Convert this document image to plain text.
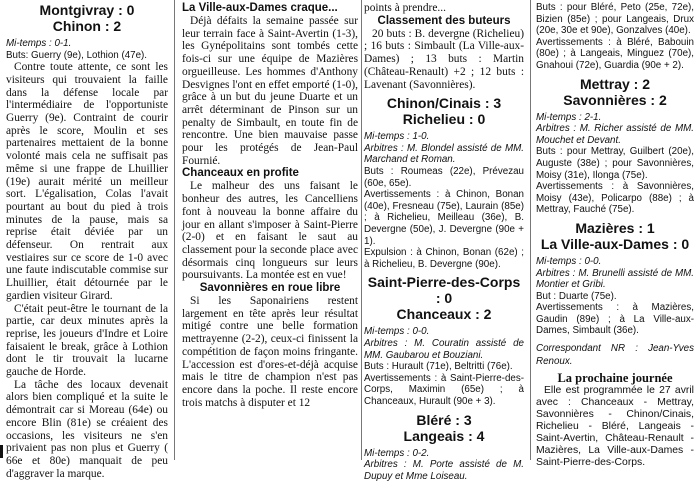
Montgivray : 0
Chinon : 2

Mi-temps : 0-1.

Buts: Guerry (9e), Lothion (47e).

Contre toute attente, ce sont les visiteurs qui trouvaient la faille dans la défense locale par l'intermédiaire de l'opportuniste Guerry (9e). Contraint de courir après le score, Moulin et ses partenaires mettaient de la bonne volonté mais cela ne suffisait pas même si une frappe de Lhuillier (19e) aurait mérité un meilleur sort. L'égalisation, Colas l'avait pourtant au bout du pied à trois minutes de la pause, mais sa reprise était déviée par un défenseur. On rentrait aux vestiaires sur ce score de 1-0 avec une faute indiscutable commise sur Lhuillier, était détournée par le gardien visiteur Girard.

C'était peut-être le tournant de la partie, car deux minutes après la reprise, les joueurs d'Indre et Loire faisaient le break, grâce à Lothion dont le tir trouvait la lucarne gauche de Horde.

La tâche des locaux devenait alors bien compliqué et la suite le démontrait car si Moreau (64e) ou encore Blin (81e) se créaient des occasions, les visiteurs ne s'en privaient pas non plus et Guerry ( 66e et 80e) manquait de peu d'aggraver la marque.

La Ville-aux-Dames craque...

Déjà défaits la semaine passée sur leur terrain face à Saint-Avertin (1-3), les Gynépolitains sont tombés cette fois-ci sur une équipe de Mazières orgueilleuse. Les hommes d'Anthony Desvignes l'ont en effet emporté (1-0), grâce à un but du jeune Duarte et un arrêt déterminant de Pinson sur un penalty de Simbault, en toute fin de rencontre. Une bien mauvaise passe pour les protégés de Jean-Paul Fournié.

Chanceaux en profite

Le malheur des uns faisant le bonheur des autres, les Cancelliens font à nouveau la bonne affaire du jour en allant s'imposer à Saint-Pierre (2-0) et en faisant le saut au classement pour la seconde place avec désormais cinq longueurs sur leurs poursuivants. La montée est en vue!

Savonnières en roue libre

Si les Saponairiens restent largement en tête après leur résultat mitigé contre une belle formation mettrayenne (2-2), ceux-ci finissent la compétition de façon moins fringante. L'accession est d'ores-et-déjà acquise mais le titre de champion n'est pas encore dans la poche. Il reste encore trois matchs à disputer et 12

points à prendre...

Classement des buteurs

20 buts : B. devergne (Richelieu) ; 16 buts : Simbault (La Ville-aux-Dames) ; 13 buts : Martin (Château-Renault) +2 ; 12 buts : Lavenant (Savonnières).

Chinon/Cinais : 3
Richelieu : 0

Mi-temps : 1-0.

Arbitres : M. Blondel assisté de MM. Marchand et Roman.

Buts : Roumeas (22e), Prévezau (60e, 65e).

Avertissements : à Chinon, Bonan (40e), Fresneau (75e), Laurain (85e) ; à Richelieu, Meilleau (36e), B. Devergne (50e), J. Devergne (90e + 1).

Expulsion : à Chinon, Bonan (62e) ; à Richelieu, B. Devergne (90e).

Saint-Pierre-des-Corps : 0
Chanceaux : 2

Mi-temps : 0-0.

Arbitres : M. Couratin assisté de MM. Gaubarou et Bouziani.

Buts : Hurault (71e), Beltritti (76e).

Avertissements : à Saint-Pierre-des-Corps, Maximin (65e) ; à Chanceaux, Hurault (90e + 3).

Bléré : 3
Langeais : 4

Mi-temps : 0-2.

Arbitres : M. Porte assisté de M. Dupuy et Mme Loiseau.

Buts : pour Bléré, Peto (25e, 72e), Bizien (85e) ; pour Langeais, Drux (20e, 30e et 90e), Gonzalves (40e).

Avertissements : à Bléré, Babouin (80e) ; à Langeais, Minguez (70e), Gnahoui (72e), Guardia (90e + 2).

Mettray : 2
Savonnières : 2

Mi-temps : 2-1.

Arbitres : M. Richer assisté de MM. Mouchet et Devant.

Buts : pour Mettray, Guilbert (20e), Auguste (38e) ; pour Savonnières, Moisy (31e), Ilonga (75e).

Avertissements : à Savonnières, Moisy (43e), Policarpo (88e) ; à Mettray, Fauché (75e).

Mazières : 1
La Ville-aux-Dames : 0

Mi-temps : 0-0.

Arbitres : M. Brunelli assisté de MM. Montier et Gribi.

But : Duarte (75e).

Avertissements : à Mazières, Gaudin (89e) ; à La Ville-aux-Dames, Simbault (36e).

Correspondant NR : Jean-Yves Renoux.

La prochaine journée

Elle est programmée le 27 avril avec : Chanceaux - Mettray, Savonnières - Chinon/Cinais, Richelieu - Bléré, Langeais - Saint-Avertin, Château-Renault - Mazières, La Ville-aux-Dames - Saint-Pierre-des-Corps.
